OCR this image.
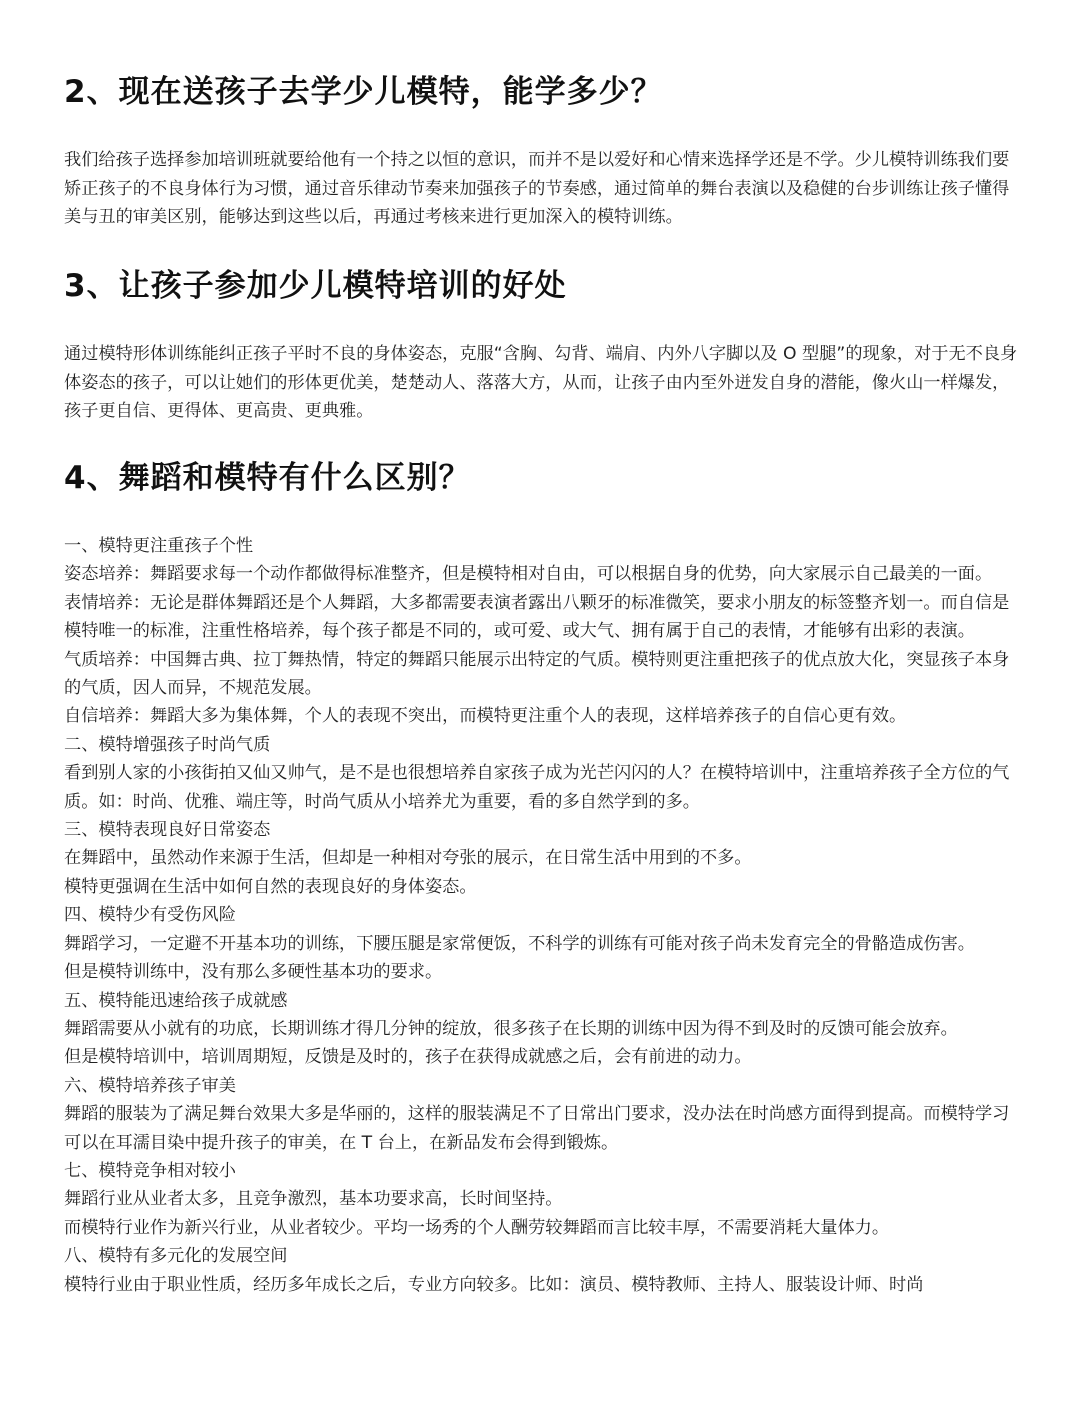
2、现在送孩子去学少儿模特，能学多少？

我们给孩子选择参加培训班就要给他有一个持之以恒的意识，而并不是以爱好和心情来选择学还是不学。少儿模特训练我们要矫正孩子的不良身体行为习惯，通过音乐律动节奏来加强孩子的节奏感，通过简单的舞台表演以及稳健的台步训练让孩子懂得美与丑的审美区别，能够达到这些以后，再通过考核来进行更加深入的模特训练。

3、让孩子参加少儿模特培训的好处

通过模特形体训练能纠正孩子平时不良的身体姿态，克服“含胸、勾背、端肩、内外八字脚以及 O 型腿”的现象，对于无不良身体姿态的孩子，可以让她们的形体更优美，楚楚动人、落落大方，从而，让孩子由内至外迸发自身的潜能，像火山一样爆发，孩子更自信、更得体、更高贵、更典雅。

4、舞蹈和模特有什么区别？

一、模特更注重孩子个性

姿态培养：舞蹈要求每一个动作都做得标准整齐，但是模特相对自由，可以根据自身的优势，向大家展示自己最美的一面。

表情培养：无论是群体舞蹈还是个人舞蹈，大多都需要表演者露出八颗牙的标准微笑，要求小朋友的标签整齐划一。而自信是模特唯一的标准，注重性格培养，每个孩子都是不同的，或可爱、或大气、拥有属于自己的表情，才能够有出彩的表演。

气质培养：中国舞古典、拉丁舞热情，特定的舞蹈只能展示出特定的气质。模特则更注重把孩子的优点放大化，突显孩子本身的气质，因人而异，不规范发展。

自信培养：舞蹈大多为集体舞，个人的表现不突出，而模特更注重个人的表现，这样培养孩子的自信心更有效。

二、模特增强孩子时尚气质

看到别人家的小孩街拍又仙又帅气，是不是也很想培养自家孩子成为光芒闪闪的人？在模特培训中，注重培养孩子全方位的气质。如：时尚、优雅、端庄等，时尚气质从小培养尤为重要，看的多自然学到的多。

三、模特表现良好日常姿态

在舞蹈中，虽然动作来源于生活，但却是一种相对夸张的展示，在日常生活中用到的不多。

模特更强调在生活中如何自然的表现良好的身体姿态。

四、模特少有受伤风险

舞蹈学习，一定避不开基本功的训练，下腰压腿是家常便饭，不科学的训练有可能对孩子尚未发育完全的骨骼造成伤害。

但是模特训练中，没有那么多硬性基本功的要求。

五、模特能迅速给孩子成就感

舞蹈需要从小就有的功底，长期训练才得几分钟的绽放，很多孩子在长期的训练中因为得不到及时的反馈可能会放弃。

但是模特培训中，培训周期短，反馈是及时的，孩子在获得成就感之后，会有前进的动力。

六、模特培养孩子审美

舞蹈的服装为了满足舞台效果大多是华丽的，这样的服装满足不了日常出门要求，没办法在时尚感方面得到提高。而模特学习可以在耳濡目染中提升孩子的审美，在 T 台上，在新品发布会得到锻炼。

七、模特竞争相对较小

舞蹈行业从业者太多，且竞争激烈，基本功要求高，长时间坚持。

而模特行业作为新兴行业，从业者较少。平均一场秀的个人酬劳较舞蹈而言比较丰厚，不需要消耗大量体力。

八、模特有多元化的发展空间

模特行业由于职业性质，经历多年成长之后，专业方向较多。比如：演员、模特教师、主持人、服装设计师、时尚
